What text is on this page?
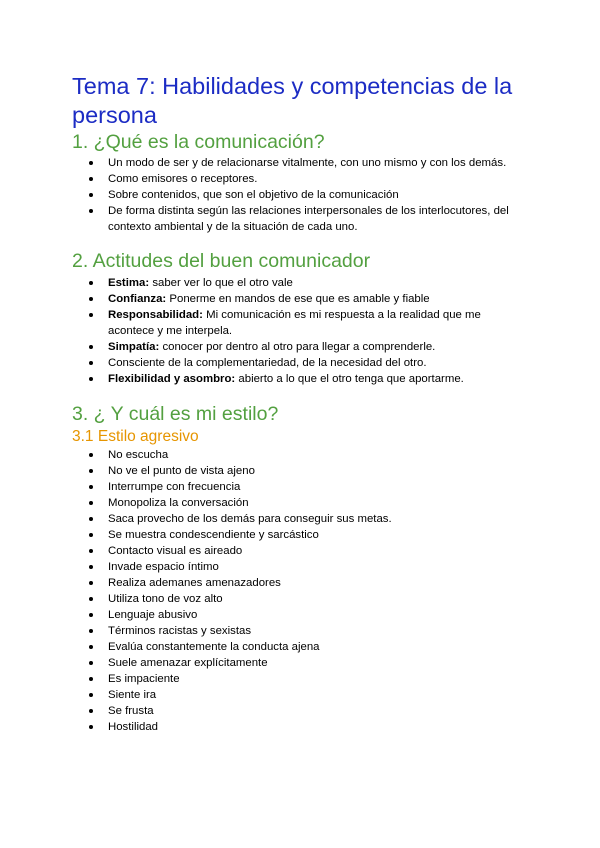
Tema 7: Habilidades y competencias de la persona
1. ¿Qué es la comunicación?
Un modo de ser y de relacionarse vitalmente, con uno mismo y con los demás.
Como emisores o receptores.
Sobre contenidos, que son el objetivo de la comunicación
De forma distinta según las relaciones interpersonales de los interlocutores, del contexto ambiental y de la situación de cada uno.
2. Actitudes del buen comunicador
Estima: saber ver lo que el otro vale
Confianza: Ponerme en mandos de ese que es amable y fiable
Responsabilidad: Mi comunicación es mi respuesta a la realidad que me acontece y me interpela.
Simpatía: conocer por dentro al otro para llegar a comprenderle.
Consciente de la complementariedad, de la necesidad del otro.
Flexibilidad y asombro: abierto a lo que el otro tenga que aportarme.
3. ¿ Y cuál es mi estilo?
3.1 Estilo agresivo
No escucha
No ve el punto de vista ajeno
Interrumpe con frecuencia
Monopoliza la conversación
Saca provecho de los demás para conseguir sus metas.
Se muestra condescendiente y sarcástico
Contacto visual es aireado
Invade espacio íntimo
Realiza ademanes amenazadores
Utiliza tono de voz alto
Lenguaje abusivo
Términos racistas y sexistas
Evalúa constantemente la conducta ajena
Suele amenazar explícitamente
Es impaciente
Siente ira
Se frusta
Hostilidad
